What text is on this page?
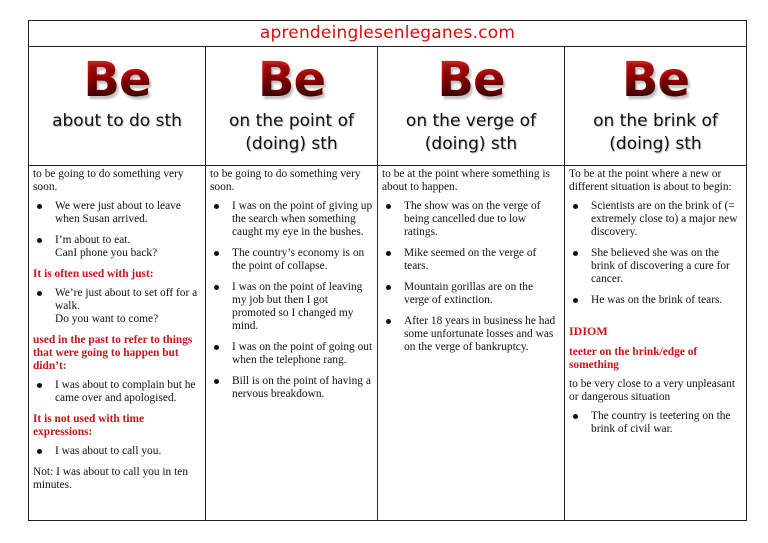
aprendeinglesenleganes.com
Be
about to do sth
to be going to do something very soon.
We were just about to leave when Susan arrived.
I’m about to eat.
CanI phone you back?
It is often used with just:
We’re just about to set off for a walk.
Do you want to come?
used in the past to refer to things that were going to happen but didn’t:
I was about to complain but he came over and apologised.
It is not used with time expressions:
I was about to call you.
Not: I was about to call you in ten minutes.
Be
on the point of (doing) sth
to be going to do something very soon.
I was on the point of giving up the search when something caught my eye in the bushes.
The country’s economy is on the point of collapse.
I was on the point of leaving my job but then I got promoted so I changed my mind.
I was on the point of going out when the telephone rang.
Bill is on the point of having a nervous breakdown.
Be
on the verge of (doing) sth
to be at the point where something is about to happen.
The show was on the verge of being cancelled due to low ratings.
Mike seemed on the verge of tears.
Mountain gorillas are on the verge of extinction.
After 18 years in business he had some unfortunate losses and was on the verge of bankruptcy.
Be
on the brink of (doing) sth
To be at the point where a new or different situation is about to begin:
Scientists are on the brink of (= extremely close to) a major new discovery.
She believed she was on the brink of discovering a cure for cancer.
He was on the brink of tears.
IDIOM
teeter on the brink/edge of something
to be very close to a very unpleasant or dangerous situation
The country is teetering on the brink of civil war.
